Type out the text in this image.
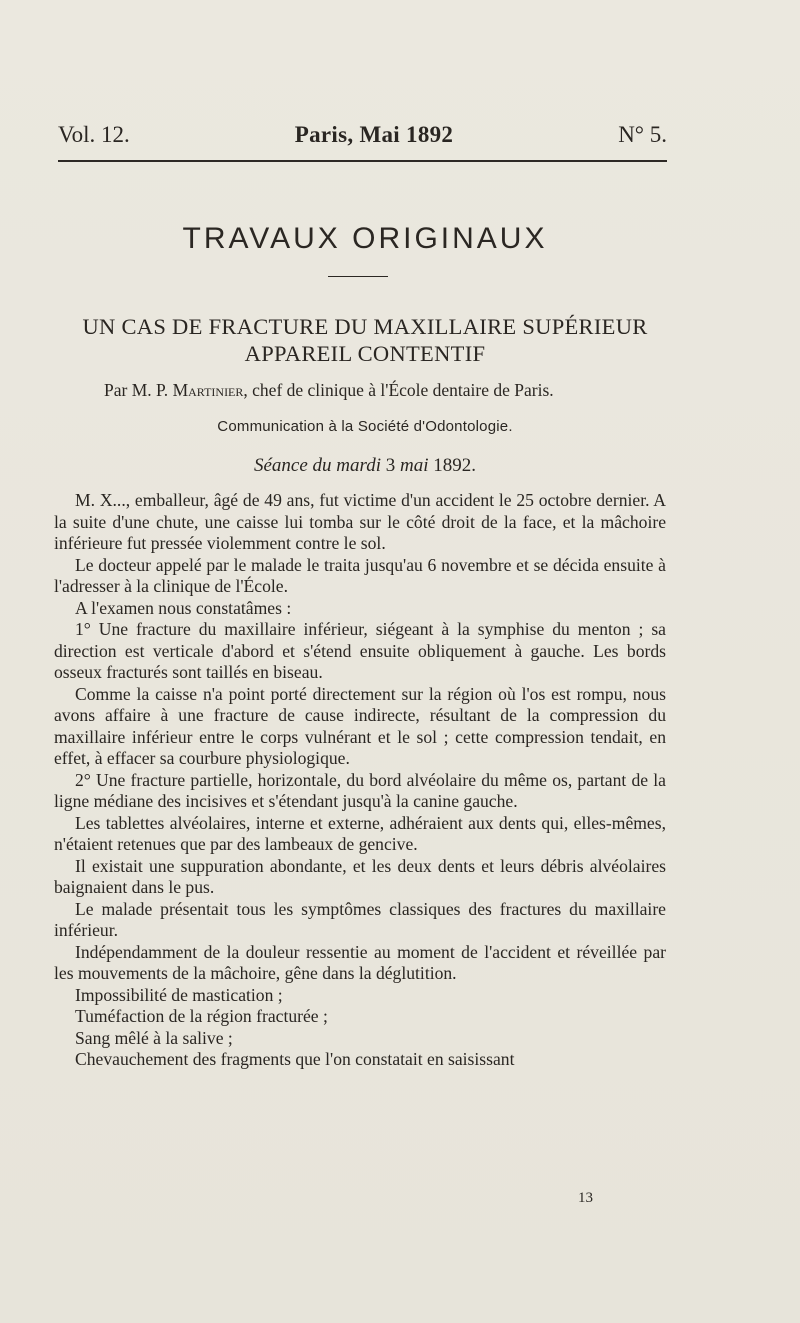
Vol. 12.	Paris, Mai 1892	N° 5.
TRAVAUX ORIGINAUX
UN CAS DE FRACTURE DU MAXILLAIRE SUPÉRIEUR
APPAREIL CONTENTIF
Par M. P. Martinier, chef de clinique à l'École dentaire de Paris.
Communication à la Société d'Odontologie.
Séance du mardi 3 mai 1892.

M. X..., emballeur, âgé de 49 ans, fut victime d'un accident le 25 octobre dernier. A la suite d'une chute, une caisse lui tomba sur le côté droit de la face, et la mâchoire inférieure fut pressée violemment contre le sol.

Le docteur appelé par le malade le traita jusqu'au 6 novembre et se décida ensuite à l'adresser à la clinique de l'École.

A l'examen nous constatâmes :

1° Une fracture du maxillaire inférieur, siégeant à la symphise du menton ; sa direction est verticale d'abord et s'étend ensuite obliquement à gauche. Les bords osseux fracturés sont taillés en biseau.

Comme la caisse n'a point porté directement sur la région où l'os est rompu, nous avons affaire à une fracture de cause indirecte, résultant de la compression du maxillaire inférieur entre le corps vulnérant et le sol ; cette compression tendait, en effet, à effacer sa courbure physiologique.

2° Une fracture partielle, horizontale, du bord alvéolaire du même os, partant de la ligne médiane des incisives et s'étendant jusqu'à la canine gauche.

Les tablettes alvéolaires, interne et externe, adhéraient aux dents qui, elles-mêmes, n'étaient retenues que par des lambeaux de gencive.

Il existait une suppuration abondante, et les deux dents et leurs débris alvéolaires baignaient dans le pus.

Le malade présentait tous les symptômes classiques des fractures du maxillaire inférieur.

Indépendamment de la douleur ressentie au moment de l'accident et réveillée par les mouvements de la mâchoire, gêne dans la déglutition.

Impossibilité de mastication ;

Tuméfaction de la région fracturée ;

Sang mêlé à la salive ;

Chevauchement des fragments que l'on constatait en saisissant

13
